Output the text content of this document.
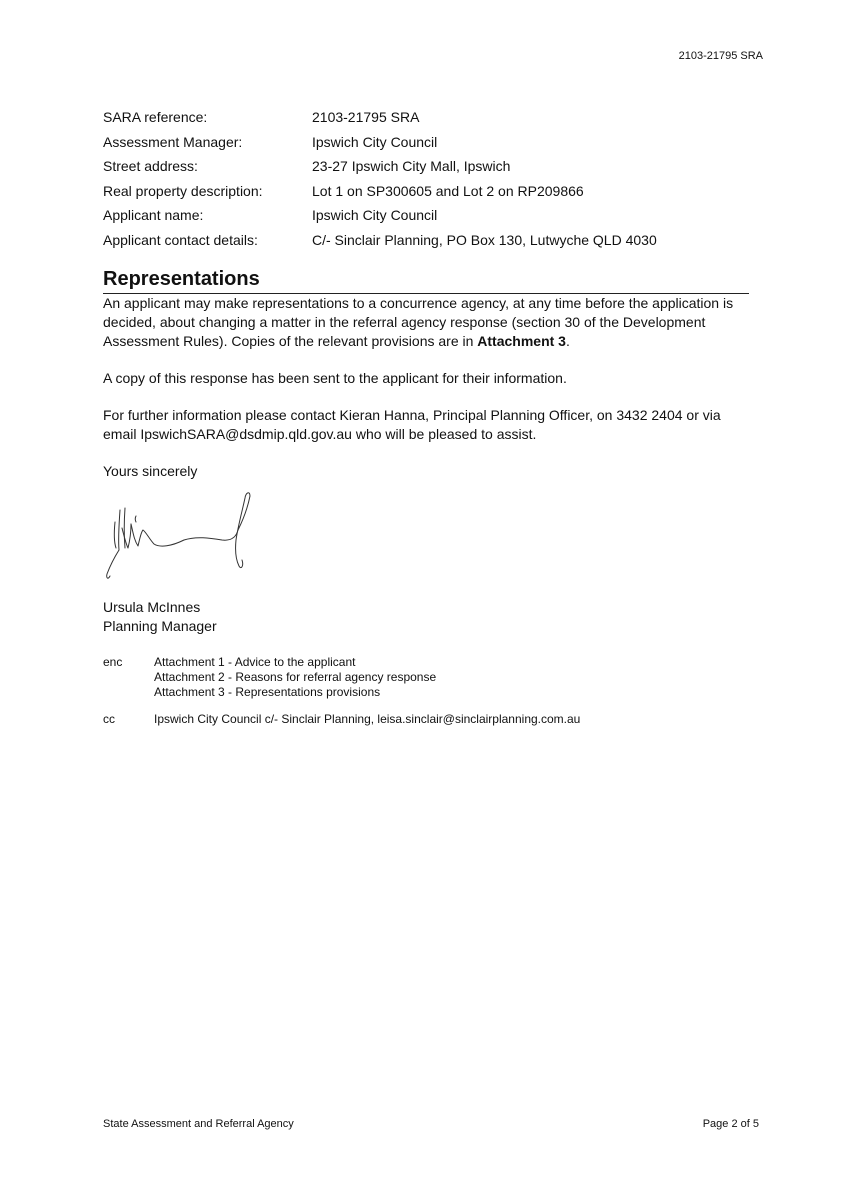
2103-21795 SRA
SARA reference:	2103-21795 SRA
Assessment Manager:	Ipswich City Council
Street address:	23-27 Ipswich City Mall, Ipswich
Real property description:	Lot 1 on SP300605 and Lot 2 on RP209866
Applicant name:	Ipswich City Council
Applicant contact details:	C/- Sinclair Planning, PO Box 130, Lutwyche QLD 4030
Representations

An applicant may make representations to a concurrence agency, at any time before the application is decided, about changing a matter in the referral agency response (section 30 of the Development Assessment Rules). Copies of the relevant provisions are in Attachment 3.

A copy of this response has been sent to the applicant for their information.

For further information please contact Kieran Hanna, Principal Planning Officer, on 3432 2404 or via email IpswichSARA@dsdmip.qld.gov.au who will be pleased to assist.

Yours sincerely

Ursula McInnes
Planning Manager
enc	Attachment 1 - Advice to the applicant
Attachment 2 - Reasons for referral agency response
Attachment 3 - Representations provisions
cc	Ipswich City Council c/- Sinclair Planning, leisa.sinclair@sinclairplanning.com.au
State Assessment and Referral Agency	Page 2 of 5
